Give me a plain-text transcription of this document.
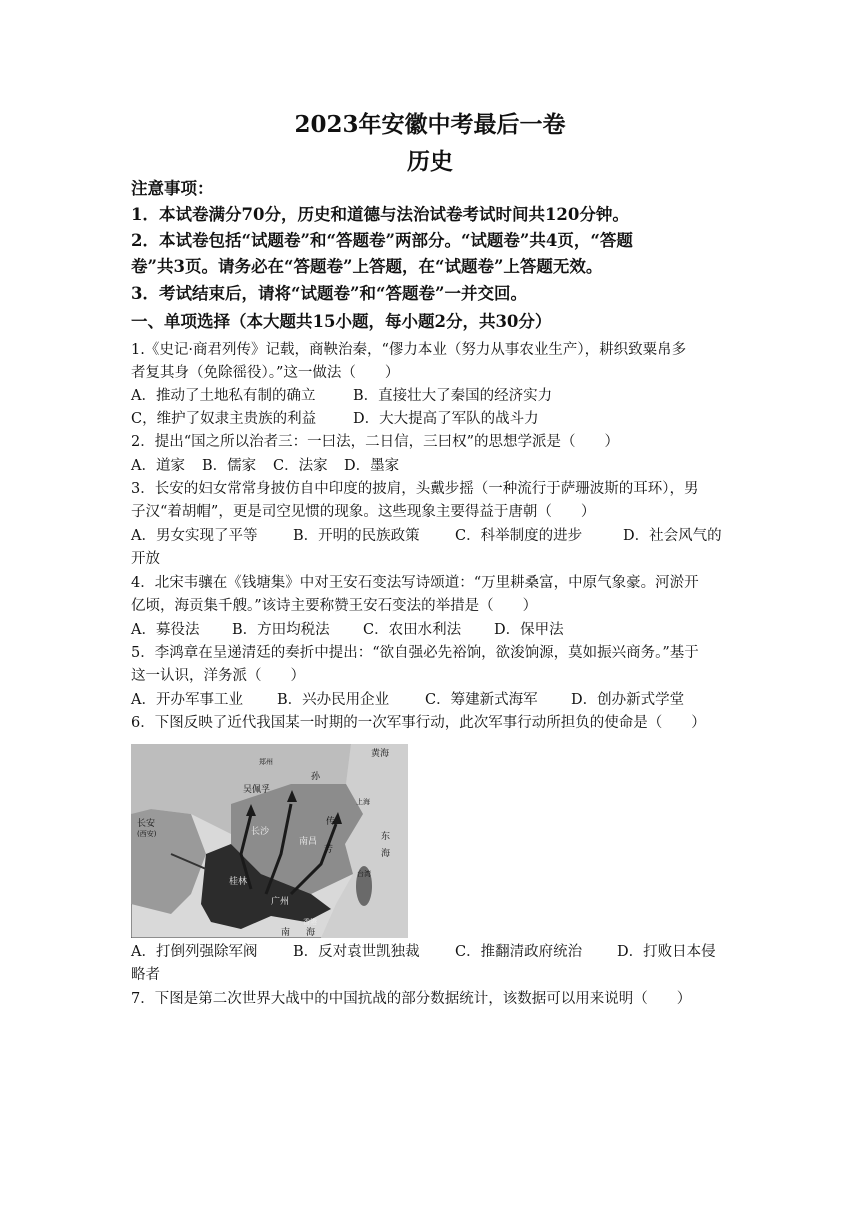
2023年安徽中考最后一卷
历史
注意事项：
1．本试卷满分70分，历史和道德与法治试卷考试时间共120分钟。
2．本试卷包括“试题卷”和“答题卷”两部分。“试题卷”共4页，“答题
卷”共3页。请务必在“答题卷”上答题，在“试题卷”上答题无效。
3．考试结束后，请将“试题卷”和“答题卷”一并交回。
一、单项选择（本大题共15小题，每小题2分，共30分）
1.《史记·商君列传》记载，商鞅治秦，“僇力本业（努力从事农业生产），耕织致粟帛多
者复其身（免除徭役）。”这一做法（　　）
A．推动了土地私有制的确立	B．直接壮大了秦国的经济实力
C，维护了奴隶主贵族的利益	D．大大提高了军队的战斗力
2．提出“国之所以治者三：一曰法，二日信，三曰权”的思想学派是（　　）
A．道家 B．儒家 C．法家 D．墨家
3．长安的妇女常常身披仿自中印度的披肩，头戴步摇（一种流行于萨珊波斯的耳环），男
子汉“着胡帽”，更是司空见惯的现象。这些现象主要得益于唐朝（　　）
A．男女实现了平等 B．开明的民族政策 C．科举制度的进步	D．社会风气的
开放
4．北宋韦骧在《钱塘集》中对王安石变法写诗颂道：“万里耕桑富，中原气象豪。河淤开
亿顷，海贡集千艘。”该诗主要称赞王安石变法的举措是（　　）
A．募役法 B．方田均税法 C．农田水利法 D．保甲法
5．李鸿章在呈递清廷的奏折中提出：“欲自强必先裕饷，欲浚饷源，莫如振兴商务。”基于
这一认识，洋务派（　　）
A．开办军事工业 B．兴办民用企业 C．筹建新式海军 D．创办新式学堂
6．下图反映了近代我国某一时期的一次军事行动，此次军事行动所担负的使命是（　　）
长安
(西安)
郑州
吴佩孚
孙
传
芳
黄海
东
海
长沙
南昌
上海
广州
台湾
桂林
香港
南 海
A．打倒列强除军阀 B．反对袁世凯独裁 C．推翻清政府统治 D．打败日本侵
略者
7．下图是第二次世界大战中的中国抗战的部分数据统计，该数据可以用来说明（　　）
